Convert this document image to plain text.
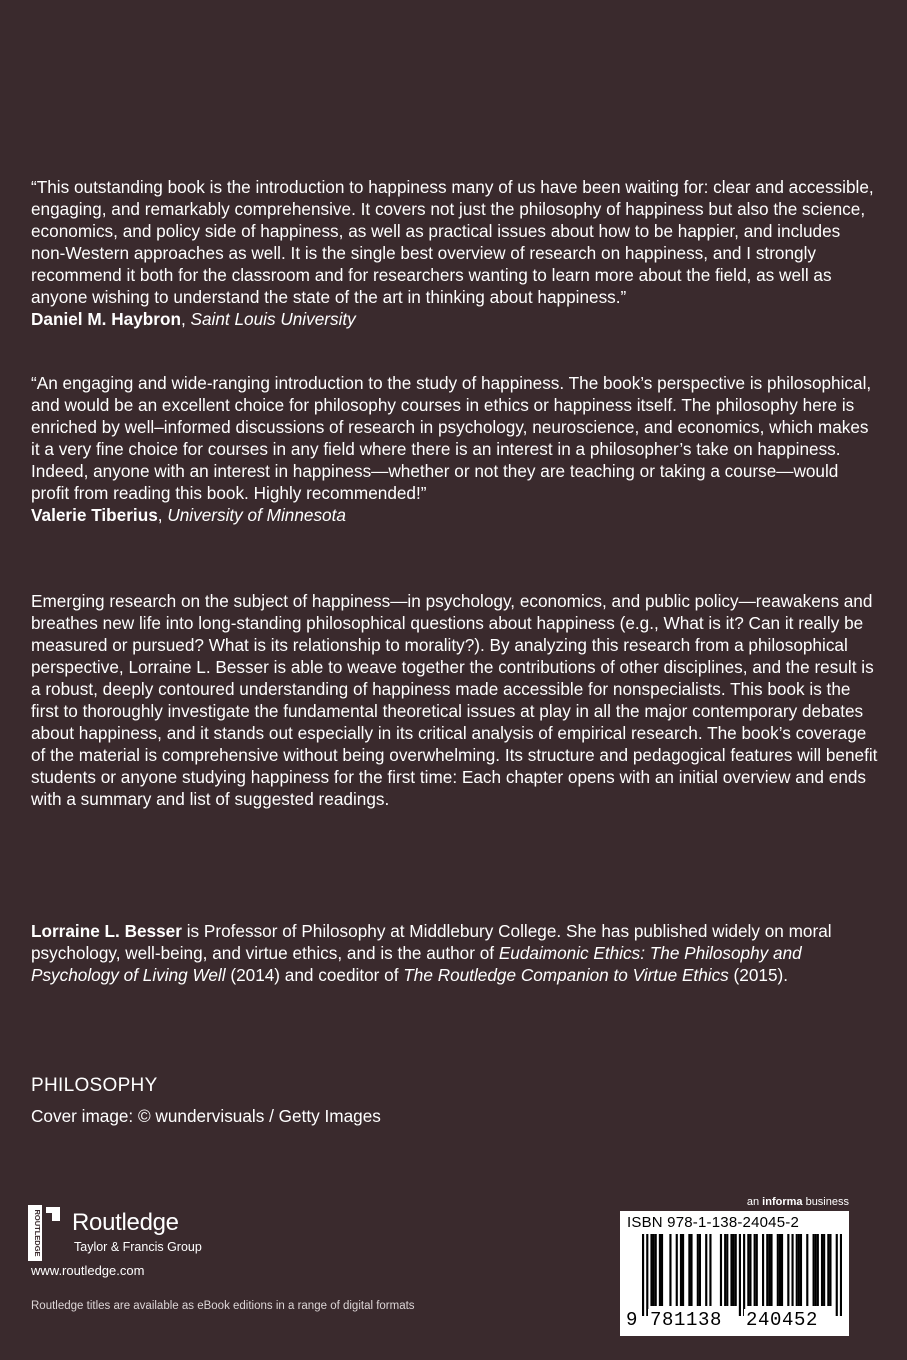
“This outstanding book is the introduction to happiness many of us have been waiting for: clear and accessible, engaging, and remarkably comprehensive. It covers not just the philosophy of happiness but also the science, economics, and policy side of happiness, as well as practical issues about how to be happier, and includes non-Western approaches as well. It is the single best overview of research on happiness, and I strongly recommend it both for the classroom and for researchers wanting to learn more about the field, as well as anyone wishing to understand the state of the art in thinking about happiness.”

Daniel M. Haybron, Saint Louis University

“An engaging and wide-ranging introduction to the study of happiness. The book’s perspective is philosophical, and would be an excellent choice for philosophy courses in ethics or happiness itself. The philosophy here is enriched by well–informed discussions of research in psychology, neuroscience, and economics, which makes it a very fine choice for courses in any field where there is an interest in a philosopher’s take on happiness. Indeed, anyone with an interest in happiness—whether or not they are teaching or taking a course—would profit from reading this book. Highly recommended!”

Valerie Tiberius, University of Minnesota

Emerging research on the subject of happiness—in psychology, economics, and public policy—reawakens and breathes new life into long-standing philosophical questions about happiness (e.g., What is it? Can it really be measured or pursued? What is its relationship to morality?). By analyzing this research from a philosophical perspective, Lorraine L. Besser is able to weave together the contributions of other disciplines, and the result is a robust, deeply contoured understanding of happiness made accessible for nonspecialists. This book is the first to thoroughly investigate the fundamental theoretical issues at play in all the major contemporary debates about happiness, and it stands out especially in its critical analysis of empirical research. The book’s coverage of the material is comprehensive without being overwhelming. Its structure and pedagogical features will benefit students or anyone studying happiness for the first time: Each chapter opens with an initial overview and ends with a summary and list of suggested readings.

Lorraine L. Besser is Professor of Philosophy at Middlebury College. She has published widely on moral psychology, well-being, and virtue ethics, and is the author of Eudaimonic Ethics: The Philosophy and Psychology of Living Well (2014) and coeditor of The Routledge Companion to Virtue Ethics (2015).

PHILOSOPHY
Cover image: © wundervisuals / Getty Images
ROUTLEDGE Routledge
Taylor & Francis Group
www.routledge.com
Routledge titles are available as eBook editions in a range of digital formats
an informa business
ISBN 978-1-138-24045-2
9 781138 240452
